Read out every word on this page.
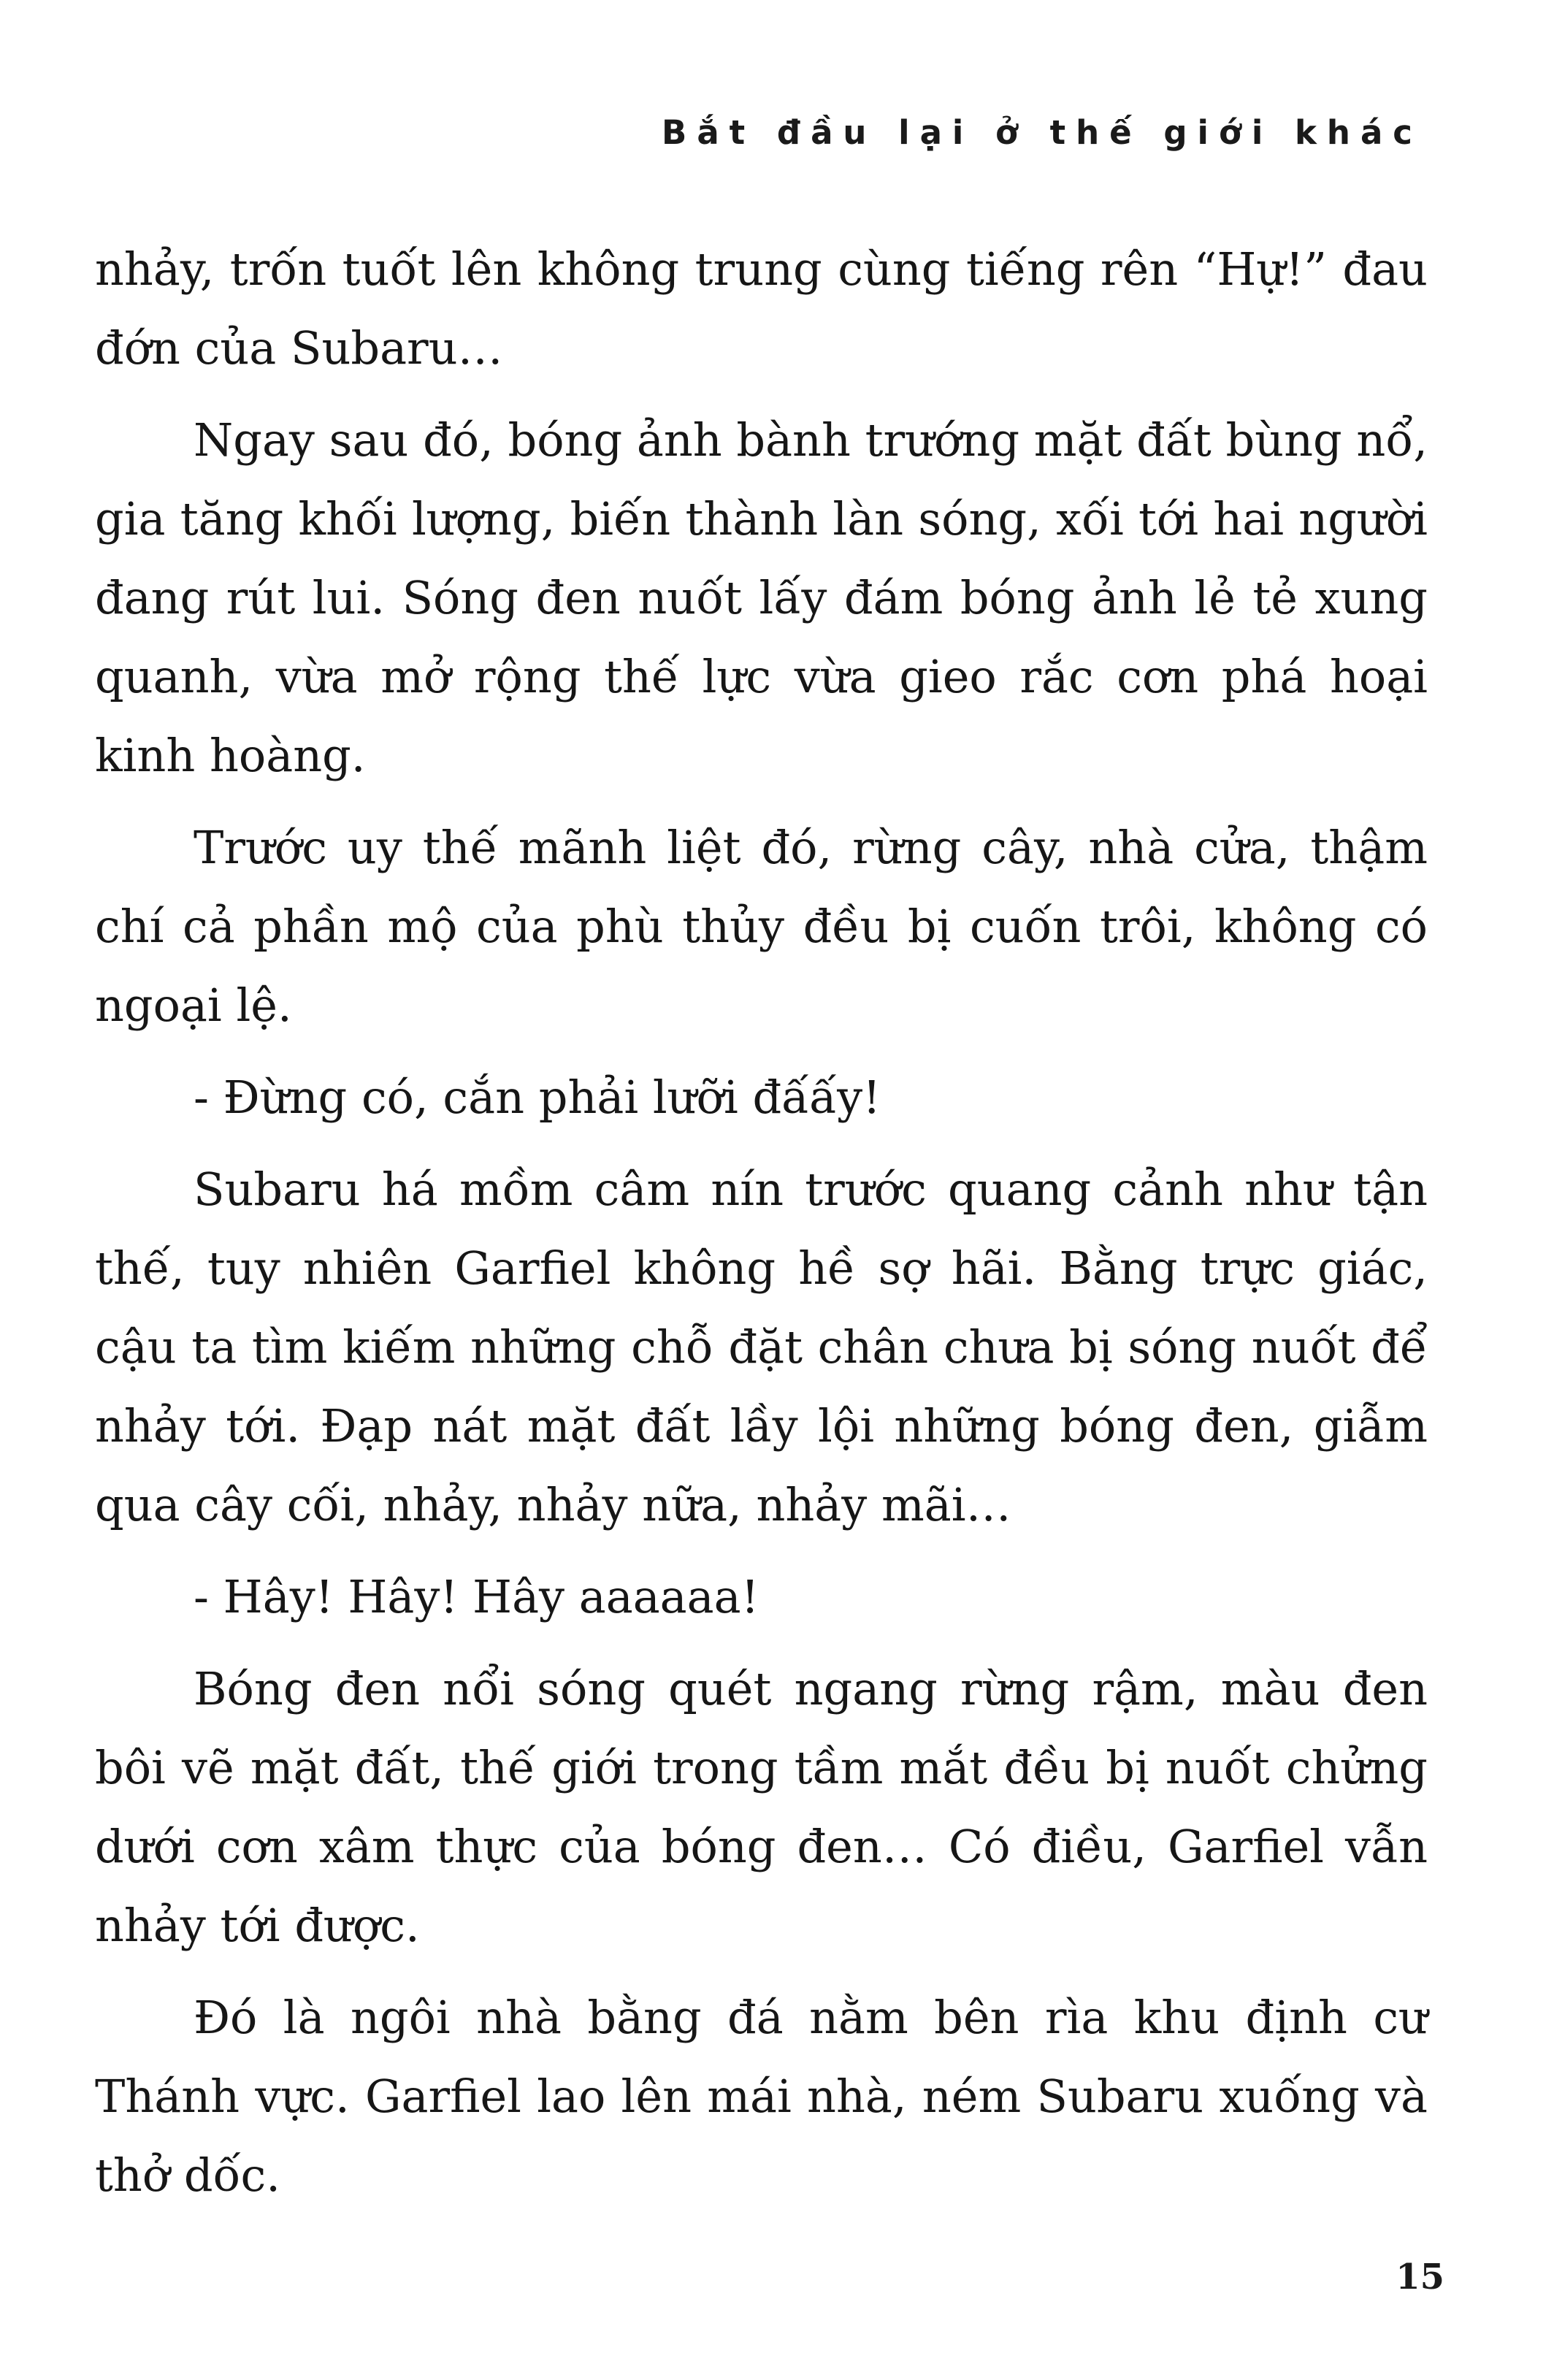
Bắt đầu lại ở thế giới khác

nhảy, trốn tuốt lên không trung cùng tiếng rên “Hự!” đau đớn của Subaru…

Ngay sau đó, bóng ảnh bành trướng mặt đất bùng nổ, gia tăng khối lượng, biến thành làn sóng, xối tới hai người đang rút lui. Sóng đen nuốt lấy đám bóng ảnh lẻ tẻ xung quanh, vừa mở rộng thế lực vừa gieo rắc cơn phá hoại kinh hoàng.

Trước uy thế mãnh liệt đó, rừng cây, nhà cửa, thậm chí cả phần mộ của phù thủy đều bị cuốn trôi, không có ngoại lệ.

- Đừng có, cắn phải lưỡi đấấy!

Subaru há mồm câm nín trước quang cảnh như tận thế, tuy nhiên Garfiel không hề sợ hãi. Bằng trực giác, cậu ta tìm kiếm những chỗ đặt chân chưa bị sóng nuốt để nhảy tới. Đạp nát mặt đất lầy lội những bóng đen, giẫm qua cây cối, nhảy, nhảy nữa, nhảy mãi…

- Hây! Hây! Hây aaaaaa!

Bóng đen nổi sóng quét ngang rừng rậm, màu đen bôi vẽ mặt đất, thế giới trong tầm mắt đều bị nuốt chửng dưới cơn xâm thực của bóng đen… Có điều, Garfiel vẫn nhảy tới được.

Đó là ngôi nhà bằng đá nằm bên rìa khu định cư Thánh vực. Garfiel lao lên mái nhà, ném Subaru xuống và thở dốc.

15
